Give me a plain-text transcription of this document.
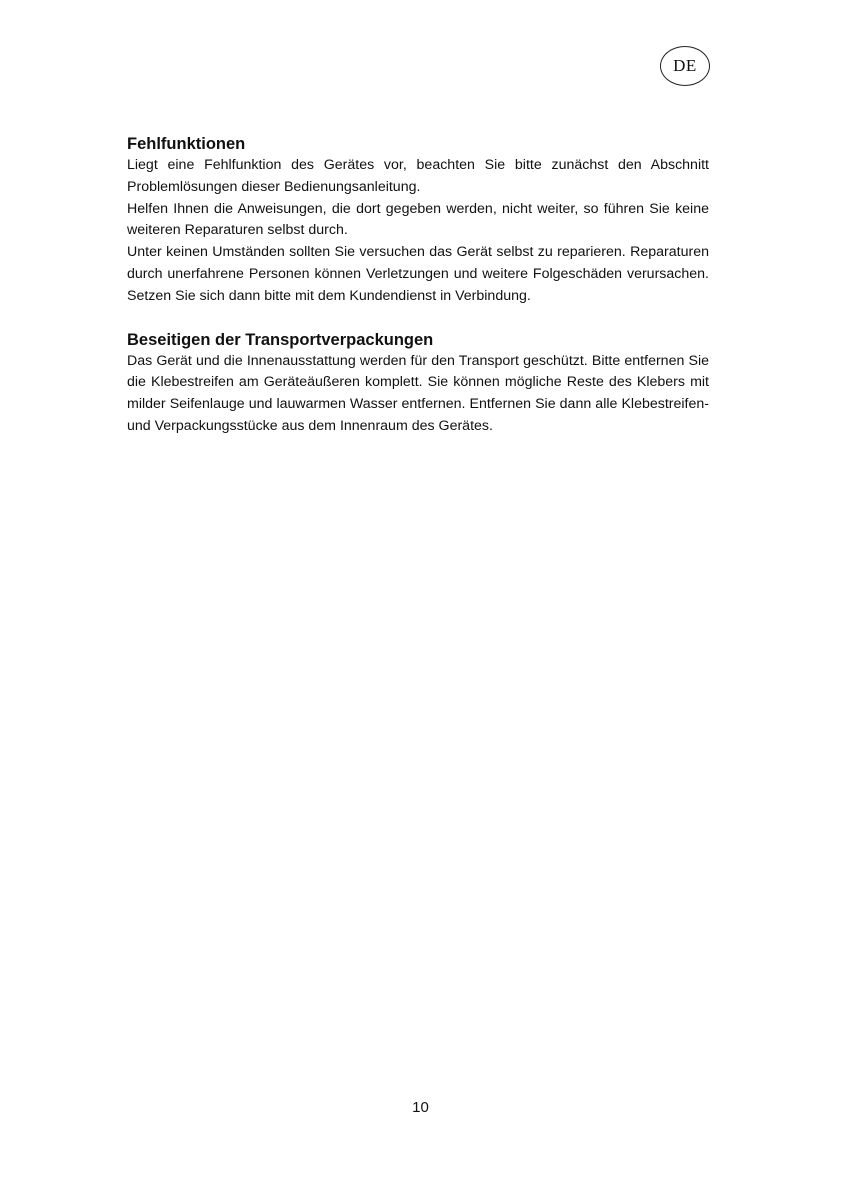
DE
Fehlfunktionen

Liegt eine Fehlfunktion des Gerätes vor, beachten Sie bitte zunächst den Abschnitt Problemlösungen dieser Bedienungsanleitung.

Helfen Ihnen die Anweisungen, die dort gegeben werden, nicht weiter, so führen Sie keine weiteren Reparaturen selbst durch.

Unter keinen Umständen sollten Sie versuchen das Gerät selbst zu reparieren. Reparaturen durch unerfahrene Personen können Verletzungen und weitere Folgeschäden verursachen. Setzen Sie sich dann bitte mit dem Kundendienst in Verbindung.

Beseitigen der Transportverpackungen

Das Gerät und die Innenausstattung werden für den Transport geschützt. Bitte entfernen Sie die Klebestreifen am Geräteäußeren komplett. Sie können mögliche Reste des Klebers mit milder Seifenlauge und lauwarmen Wasser entfernen. Entfernen Sie dann alle Klebestreifen- und Verpackungsstücke aus dem Innenraum des Gerätes.

10
